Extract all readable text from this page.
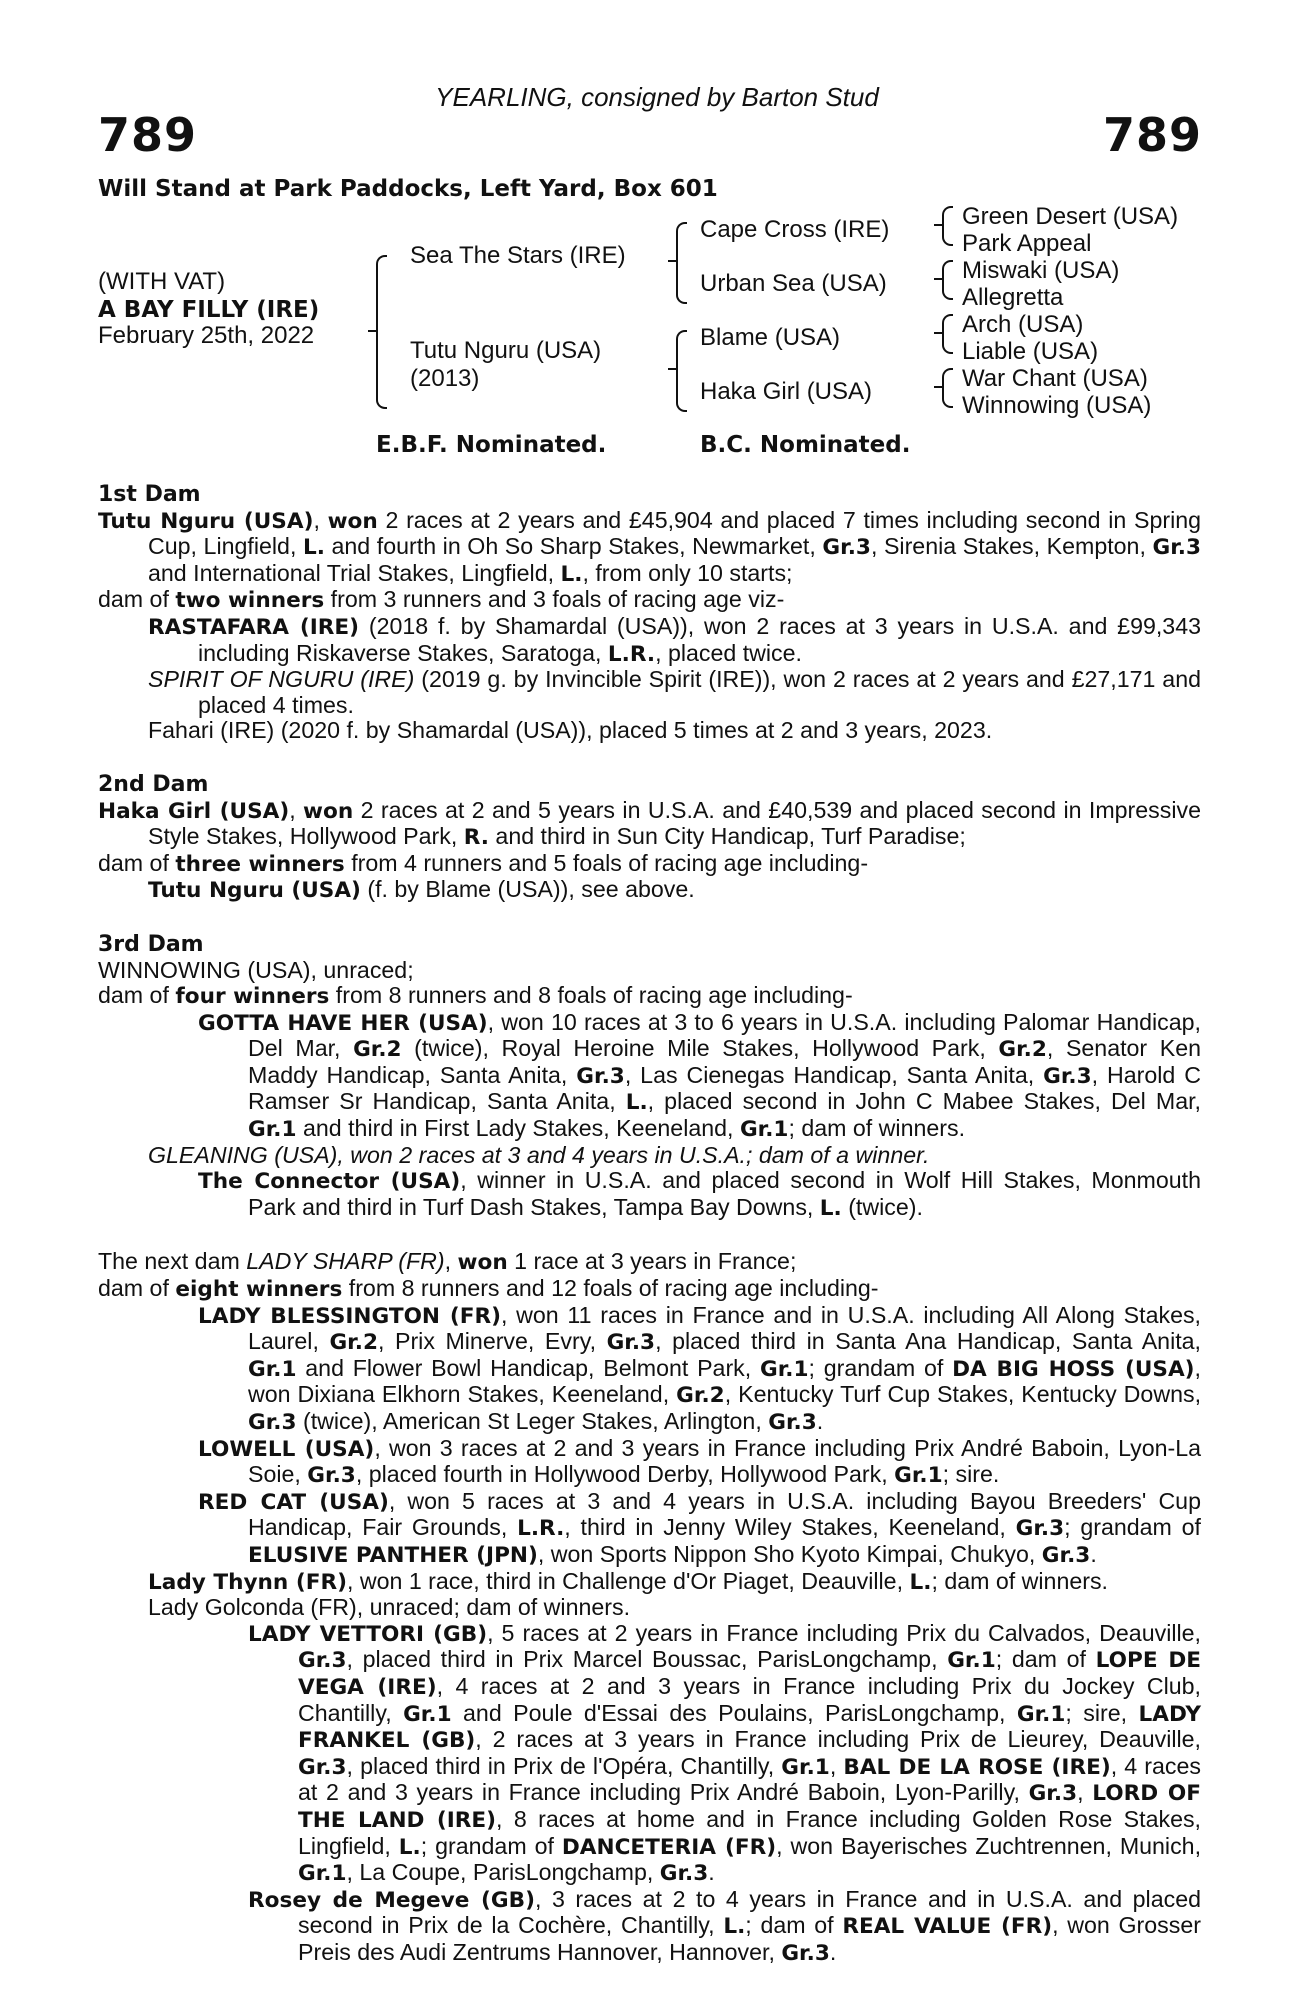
YEARLING, consigned by Barton Stud
789	789
Will Stand at Park Paddocks, Left Yard, Box 601
(WITH VAT)
A BAY FILLY (IRE)
February 25th, 2022
Sea The Stars (IRE)
Tutu Nguru (USA)
(2013)
Cape Cross (IRE)
Urban Sea (USA)
Blame (USA)
Haka Girl (USA)
Green Desert (USA)
Park Appeal
Miswaki (USA)
Allegretta
Arch (USA)
Liable (USA)
War Chant (USA)
Winnowing (USA)
E.B.F. Nominated.	B.C. Nominated.
1st Dam
Tutu Nguru (USA), won 2 races at 2 years and £45,904 and placed 7 times including second in Spring Cup, Lingfield, L. and fourth in Oh So Sharp Stakes, Newmarket, Gr.3, Sirenia Stakes, Kempton, Gr.3 and International Trial Stakes, Lingfield, L., from only 10 starts;
dam of two winners from 3 runners and 3 foals of racing age viz-
RASTAFARA (IRE) (2018 f. by Shamardal (USA)), won 2 races at 3 years in U.S.A. and £99,343 including Riskaverse Stakes, Saratoga, L.R., placed twice.
SPIRIT OF NGURU (IRE) (2019 g. by Invincible Spirit (IRE)), won 2 races at 2 years and £27,171 and placed 4 times.
Fahari (IRE) (2020 f. by Shamardal (USA)), placed 5 times at 2 and 3 years, 2023.
2nd Dam
Haka Girl (USA), won 2 races at 2 and 5 years in U.S.A. and £40,539 and placed second in Impressive Style Stakes, Hollywood Park, R. and third in Sun City Handicap, Turf Paradise;
dam of three winners from 4 runners and 5 foals of racing age including-
Tutu Nguru (USA) (f. by Blame (USA)), see above.
3rd Dam
WINNOWING (USA), unraced;
dam of four winners from 8 runners and 8 foals of racing age including-
GOTTA HAVE HER (USA), won 10 races at 3 to 6 years in U.S.A. including Palomar Handicap, Del Mar, Gr.2 (twice), Royal Heroine Mile Stakes, Hollywood Park, Gr.2, Senator Ken Maddy Handicap, Santa Anita, Gr.3, Las Cienegas Handicap, Santa Anita, Gr.3, Harold C Ramser Sr Handicap, Santa Anita, L., placed second in John C Mabee Stakes, Del Mar, Gr.1 and third in First Lady Stakes, Keeneland, Gr.1; dam of winners.
GLEANING (USA), won 2 races at 3 and 4 years in U.S.A.; dam of a winner.
The Connector (USA), winner in U.S.A. and placed second in Wolf Hill Stakes, Monmouth Park and third in Turf Dash Stakes, Tampa Bay Downs, L. (twice).
The next dam LADY SHARP (FR), won 1 race at 3 years in France;
dam of eight winners from 8 runners and 12 foals of racing age including-
LADY BLESSINGTON (FR), won 11 races in France and in U.S.A. including All Along Stakes, Laurel, Gr.2, Prix Minerve, Evry, Gr.3, placed third in Santa Ana Handicap, Santa Anita, Gr.1 and Flower Bowl Handicap, Belmont Park, Gr.1; grandam of DA BIG HOSS (USA), won Dixiana Elkhorn Stakes, Keeneland, Gr.2, Kentucky Turf Cup Stakes, Kentucky Downs, Gr.3 (twice), American St Leger Stakes, Arlington, Gr.3.
LOWELL (USA), won 3 races at 2 and 3 years in France including Prix André Baboin, Lyon-La Soie, Gr.3, placed fourth in Hollywood Derby, Hollywood Park, Gr.1; sire.
RED CAT (USA), won 5 races at 3 and 4 years in U.S.A. including Bayou Breeders' Cup Handicap, Fair Grounds, L.R., third in Jenny Wiley Stakes, Keeneland, Gr.3; grandam of ELUSIVE PANTHER (JPN), won Sports Nippon Sho Kyoto Kimpai, Chukyo, Gr.3.
Lady Thynn (FR), won 1 race, third in Challenge d'Or Piaget, Deauville, L.; dam of winners.
Lady Golconda (FR), unraced; dam of winners.
LADY VETTORI (GB), 5 races at 2 years in France including Prix du Calvados, Deauville, Gr.3, placed third in Prix Marcel Boussac, ParisLongchamp, Gr.1; dam of LOPE DE VEGA (IRE), 4 races at 2 and 3 years in France including Prix du Jockey Club, Chantilly, Gr.1 and Poule d'Essai des Poulains, ParisLongchamp, Gr.1; sire, LADY FRANKEL (GB), 2 races at 3 years in France including Prix de Lieurey, Deauville, Gr.3, placed third in Prix de l'Opéra, Chantilly, Gr.1, BAL DE LA ROSE (IRE), 4 races at 2 and 3 years in France including Prix André Baboin, Lyon-Parilly, Gr.3, LORD OF THE LAND (IRE), 8 races at home and in France including Golden Rose Stakes, Lingfield, L.; grandam of DANCETERIA (FR), won Bayerisches Zuchtrennen, Munich, Gr.1, La Coupe, ParisLongchamp, Gr.3.
Rosey de Megeve (GB), 3 races at 2 to 4 years in France and in U.S.A. and placed second in Prix de la Cochère, Chantilly, L.; dam of REAL VALUE (FR), won Grosser Preis des Audi Zentrums Hannover, Hannover, Gr.3.
